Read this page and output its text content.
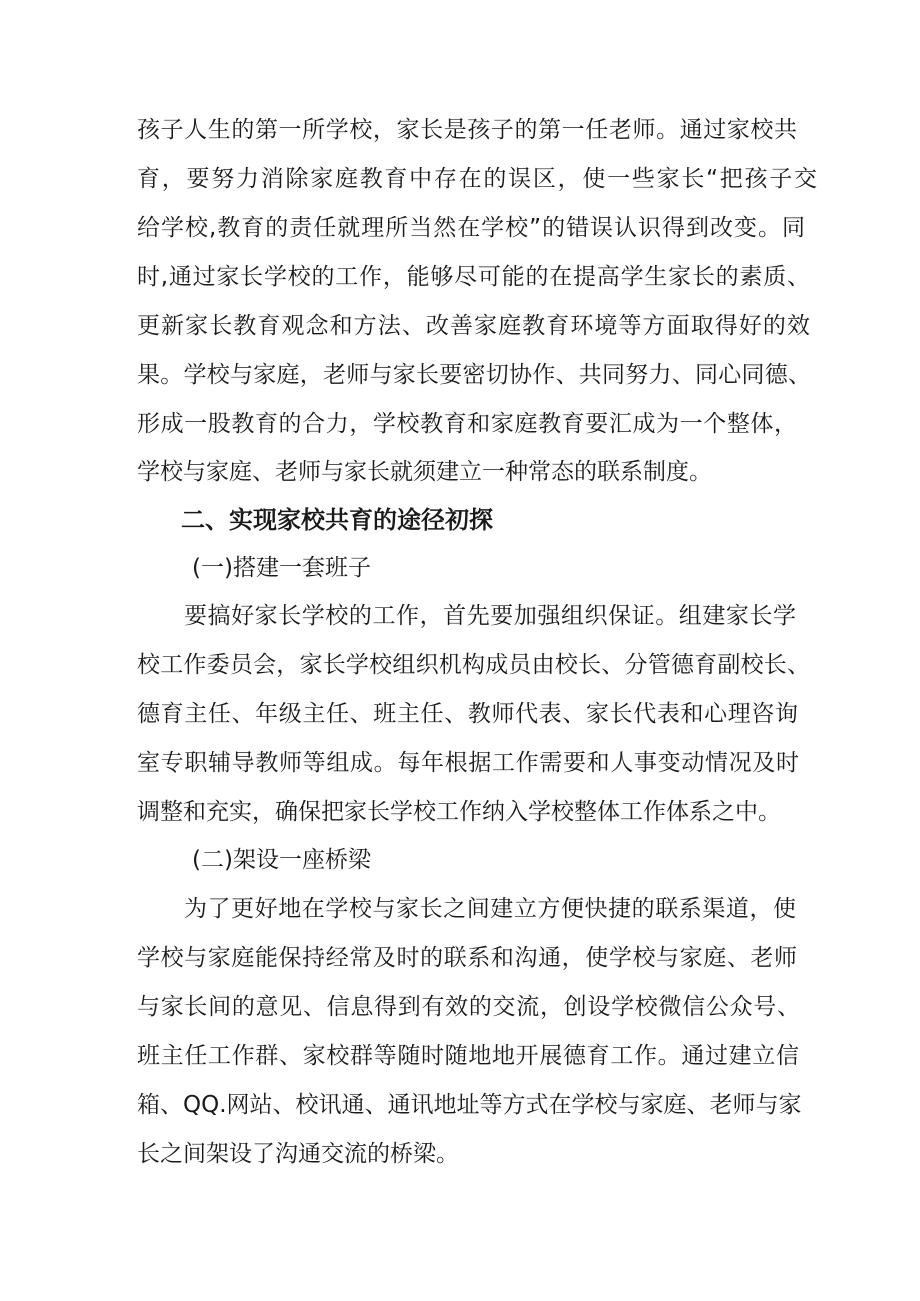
孩子人生的第一所学校，家长是孩子的第一任老师。通过家校共
育，要努力消除家庭教育中存在的误区，使一些家长“把孩子交
给学校,教育的责任就理所当然在学校”的错误认识得到改变。同
时,通过家长学校的工作，能够尽可能的在提高学生家长的素质、
更新家长教育观念和方法、改善家庭教育环境等方面取得好的效
果。学校与家庭，老师与家长要密切协作、共同努力、同心同德、
形成一股教育的合力，学校教育和家庭教育要汇成为一个整体，
学校与家庭、老师与家长就须建立一种常态的联系制度。
二、实现家校共育的途径初探
(一)搭建一套班子
要搞好家长学校的工作，首先要加强组织保证。组建家长学
校工作委员会，家长学校组织机构成员由校长、分管德育副校长、
德育主任、年级主任、班主任、教师代表、家长代表和心理咨询
室专职辅导教师等组成。每年根据工作需要和人事变动情况及时
调整和充实，确保把家长学校工作纳入学校整体工作体系之中。
(二)架设一座桥梁
为了更好地在学校与家长之间建立方便快捷的联系渠道，使
学校与家庭能保持经常及时的联系和沟通，使学校与家庭、老师
与家长间的意见、信息得到有效的交流，创设学校微信公众号、
班主任工作群、家校群等随时随地地开展德育工作。通过建立信
箱、QQ.网站、校讯通、通讯地址等方式在学校与家庭、老师与家
长之间架设了沟通交流的桥梁。
